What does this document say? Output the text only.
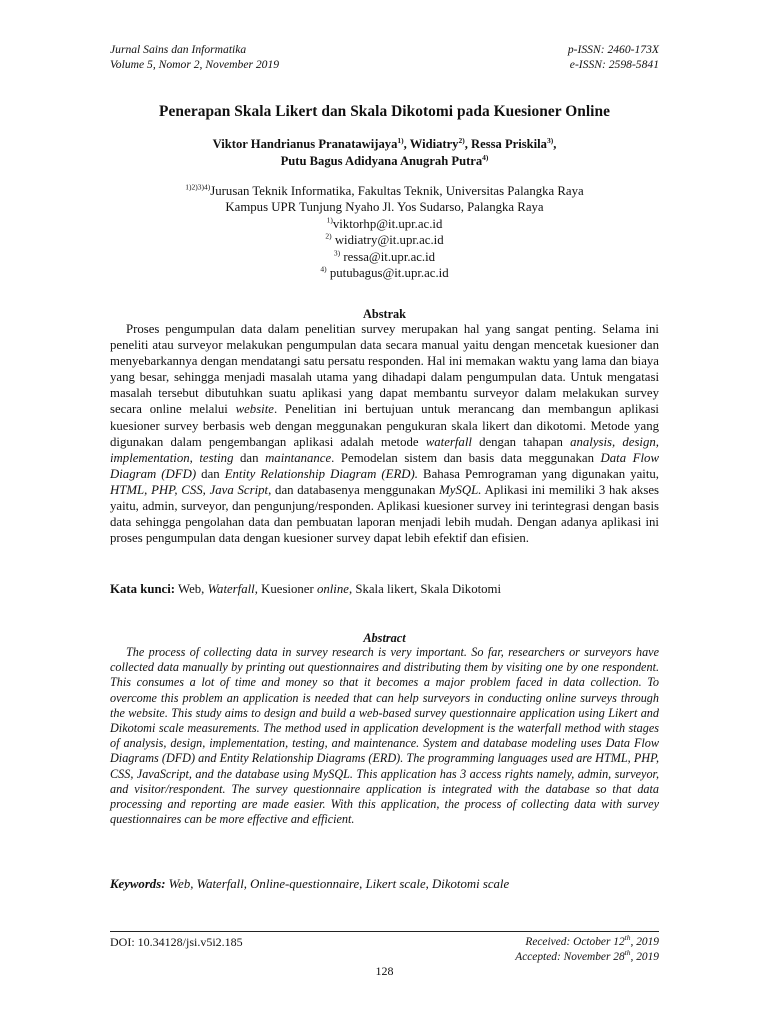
Jurnal Sains dan Informatika
Volume 5, Nomor 2, November 2019
p-ISSN: 2460-173X
e-ISSN: 2598-5841
Penerapan Skala Likert dan Skala Dikotomi pada Kuesioner Online
Viktor Handrianus Pranatawijaya$^{1)}$, Widiatry$^{2)}$, Ressa Priskila$^{3)}$,
Putu Bagus Adidyana Anugrah Putra$^{4)}$
$^{1)2)3)4)}$Jurusan Teknik Informatika, Fakultas Teknik, Universitas Palangka Raya
Kampus UPR Tunjung Nyaho Jl. Yos Sudarso, Palangka Raya
$^{1)}$viktorhp@it.upr.ac.id
$^{2)}$ widiatry@it.upr.ac.id
$^{3)}$ ressa@it.upr.ac.id
$^{4)}$ putubagus@it.upr.ac.id
Abstrak
Proses pengumpulan data dalam penelitian survey merupakan hal yang sangat penting. Selama ini peneliti atau surveyor melakukan pengumpulan data secara manual yaitu dengan mencetak kuesioner dan menyebarkannya dengan mendatangi satu persatu responden. Hal ini memakan waktu yang lama dan biaya yang besar, sehingga menjadi masalah utama yang dihadapi dalam pengumpulan data. Untuk mengatasi masalah tersebut dibutuhkan suatu aplikasi yang dapat membantu surveyor dalam melakukan survey secara online melalui website. Penelitian ini bertujuan untuk merancang dan membangun aplikasi kuesioner survey berbasis web dengan meggunakan pengukuran skala likert dan dikotomi. Metode yang digunakan dalam pengembangan aplikasi adalah metode waterfall dengan tahapan analysis, design, implementation, testing dan maintanance. Pemodelan sistem dan basis data meggunakan Data Flow Diagram (DFD) dan Entity Relationship Diagram (ERD). Bahasa Pemrograman yang digunakan yaitu, HTML, PHP, CSS, Java Script, dan databasenya menggunakan MySQL. Aplikasi ini memiliki 3 hak akses yaitu, admin, surveyor, dan pengunjung/responden. Aplikasi kuesioner survey ini terintegrasi dengan basis data sehingga pengolahan data dan pembuatan laporan menjadi lebih mudah. Dengan adanya aplikasi ini proses pengumpulan data dengan kuesioner survey dapat lebih efektif dan efisien.
Kata kunci: Web, Waterfall, Kuesioner online, Skala likert, Skala Dikotomi
Abstract
The process of collecting data in survey research is very important. So far, researchers or surveyors have collected data manually by printing out questionnaires and distributing them by visiting one by one respondent. This consumes a lot of time and money so that it becomes a major problem faced in data collection. To overcome this problem an application is needed that can help surveyors in conducting online surveys through the website. This study aims to design and build a web-based survey questionnaire application using Likert and Dikotomi scale measurements. The method used in application development is the waterfall method with stages of analysis, design, implementation, testing, and maintenance. System and database modeling uses Data Flow Diagrams (DFD) and Entity Relationship Diagrams (ERD). The programming languages used are HTML, PHP, CSS, JavaScript, and the database using MySQL. This application has 3 access rights namely, admin, surveyor, and visitor/respondent. The survey questionnaire application is integrated with the database so that data processing and reporting are made easier. With this application, the process of collecting data with survey questionnaires can be more effective and efficient.
Keywords: Web, Waterfall, Online-questionnaire, Likert scale, Dikotomi scale
DOI: 10.34128/jsi.v5i2.185	Received: October 12th, 2019
Accepted: November 28th, 2019
128
